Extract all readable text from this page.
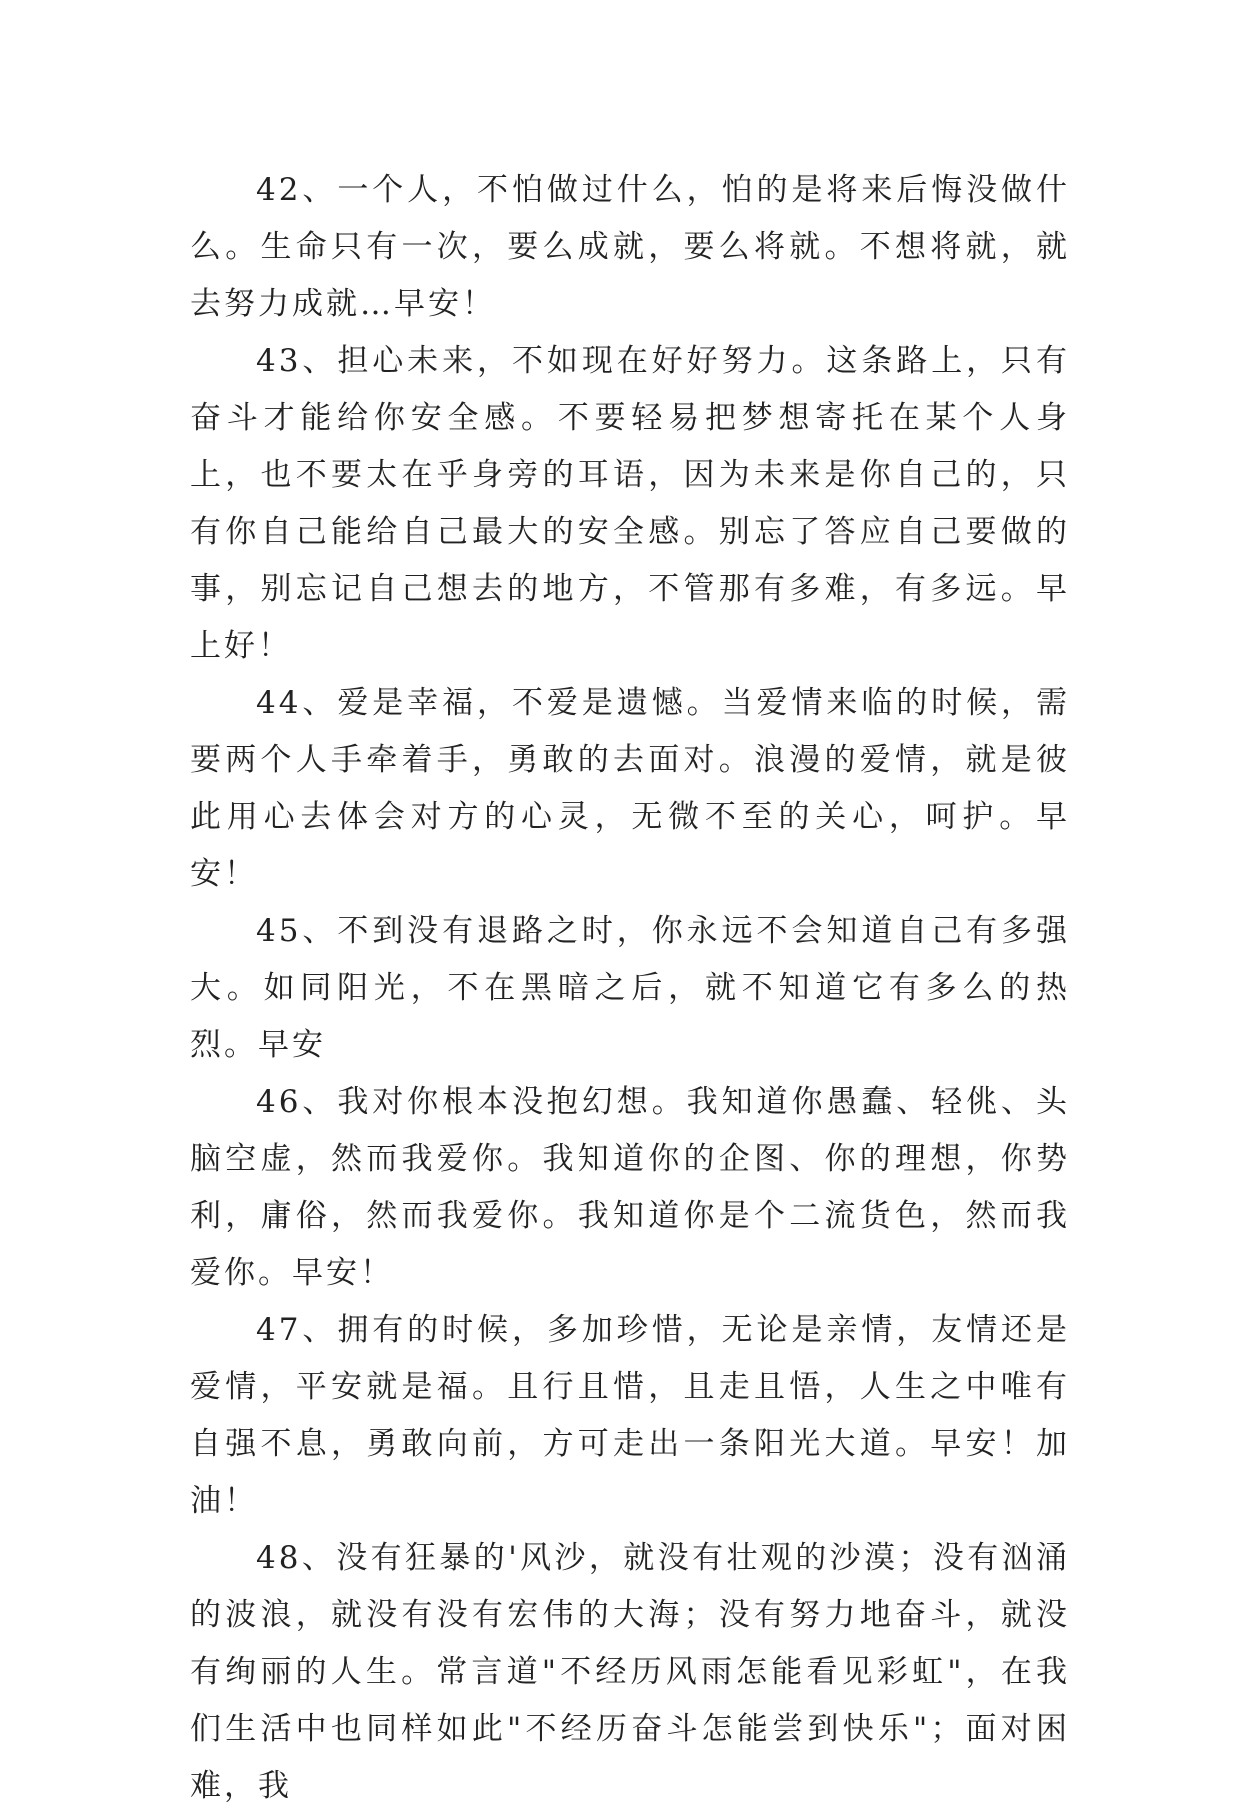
42、一个人，不怕做过什么，怕的是将来后悔没做什么。生命只有一次，要么成就，要么将就。不想将就，就去努力成就…早安！

43、担心未来，不如现在好好努力。这条路上，只有奋斗才能给你安全感。不要轻易把梦想寄托在某个人身上，也不要太在乎身旁的耳语，因为未来是你自己的，只有你自己能给自己最大的安全感。别忘了答应自己要做的事，别忘记自己想去的地方，不管那有多难，有多远。早上好！

44、爱是幸福，不爱是遗憾。当爱情来临的时候，需要两个人手牵着手，勇敢的去面对。浪漫的爱情，就是彼此用心去体会对方的心灵，无微不至的关心，呵护。早安！

45、不到没有退路之时，你永远不会知道自己有多强大。如同阳光，不在黑暗之后，就不知道它有多么的热烈。早安

46、我对你根本没抱幻想。我知道你愚蠢、轻佻、头脑空虚，然而我爱你。我知道你的企图、你的理想，你势利，庸俗，然而我爱你。我知道你是个二流货色，然而我爱你。早安！

47、拥有的时候，多加珍惜，无论是亲情，友情还是爱情，平安就是福。且行且惜，且走且悟，人生之中唯有自强不息，勇敢向前，方可走出一条阳光大道。早安！加油！

48、没有狂暴的'风沙，就没有壮观的沙漠；没有汹涌的波浪，就没有没有宏伟的大海；没有努力地奋斗，就没有绚丽的人生。常言道"不经历风雨怎能看见彩虹"，在我们生活中也同样如此"不经历奋斗怎能尝到快乐"；面对困难，我
